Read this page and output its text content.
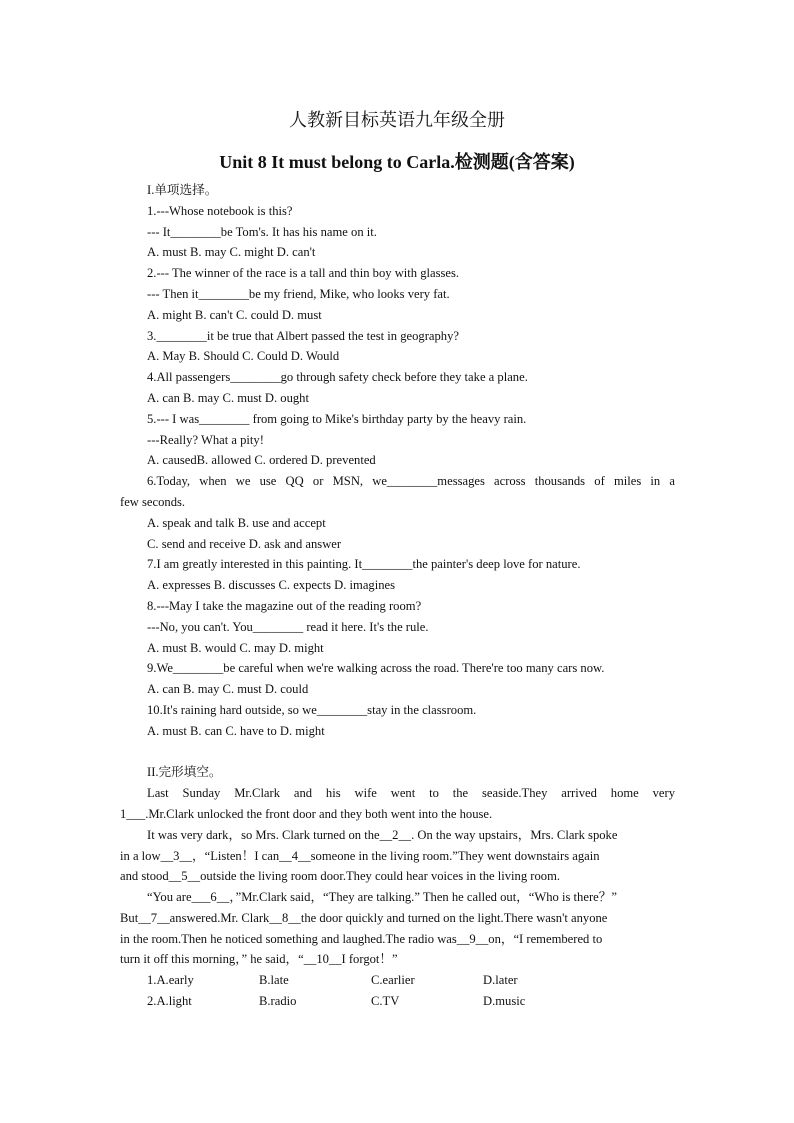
人教新目标英语九年级全册
Unit 8 It must belong to Carla.检测题(含答案)
I.单项选择。
1.---Whose notebook is this?
--- It________be Tom's. It has his name on it.
A. must B. may C. might D. can't
2.--- The winner of the race is a tall and thin boy with glasses.
--- Then it________be my friend, Mike, who looks very fat.
A. might B. can't C. could D. must
3.________it be true that Albert passed the test in geography?
A. May B. Should C. Could D. Would
4.All passengers________go through safety check before they take a plane.
A. can B. may C. must D. ought
5.--- I was________ from going to Mike's birthday party by the heavy rain.
---Really? What a pity!
A. causedB. allowed C. ordered D. prevented
6.Today, when we use QQ or MSN, we________messages across thousands of miles in a
few seconds.
A. speak and talk B. use and accept
C. send and receive D. ask and answer
7.I am greatly interested in this painting. It________the painter's deep love for nature.
A. expresses B. discusses C. expects D. imagines
8.---May I take the magazine out of the reading room?
---No, you can't. You________ read it here. It's the rule.
A. must B. would C. may D. might
9.We________be careful when we're walking across the road. There're too many cars now.
A. can B. may C. must D. could
10.It's raining hard outside, so we________stay in the classroom.
A. must B. can C. have to D. might
II.完形填空。
Last Sunday Mr.Clark and his wife went to the seaside.They arrived home very
1___.Mr.Clark unlocked the front door and they both went into the house.
It was very dark，so Mrs. Clark turned on the__2__. On the way upstairs，Mrs. Clark spoke
in a low__3__，“Listen！I can__4__someone in the living room.”They went downstairs again
and stood__5__outside the living room door.They could hear voices in the living room.
“You are___6__，”Mr.Clark said，“They are talking.” Then he called out，“Who is there？”
But__7__answered.Mr. Clark__8__the door quickly and turned on the light.There wasn't anyone
in the room.Then he noticed something and laughed.The radio was__9__on，“I remembered to
turn it off this morning，” he said，“__10__I forgot！”
1.A.early	B.late	C.earlier	D.later
2.A.light	B.radio	C.TV	D.music
